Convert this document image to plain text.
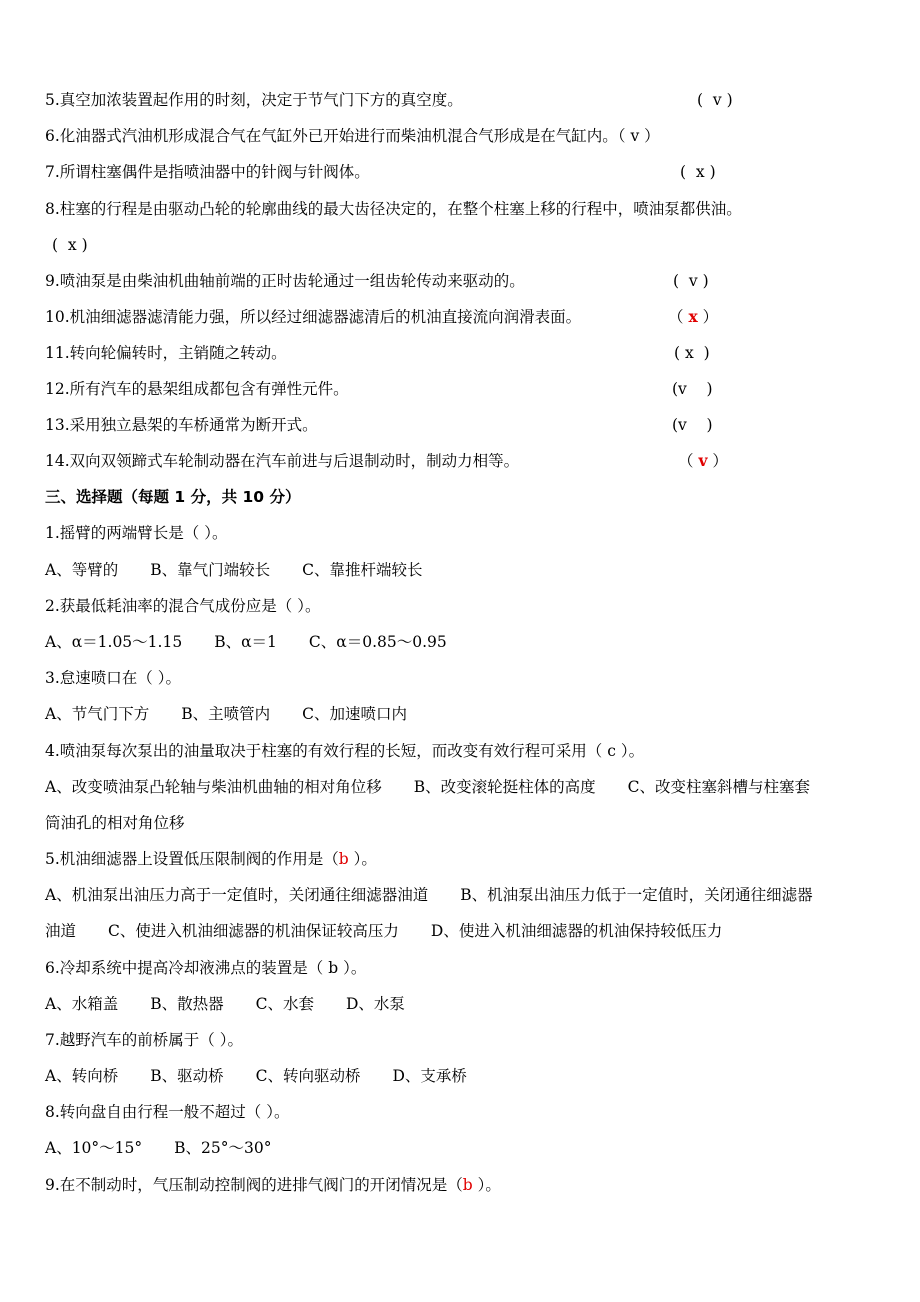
5.真空加浓装置起作用的时刻，决定于节气门下方的真空度。	(  v )
6.化油器式汽油机形成混合气在气缸外已开始进行而柴油机混合气形成是在气缸内。（ v ）
7.所谓柱塞偶件是指喷油器中的针阀与针阀体。	(  x )
8.柱塞的行程是由驱动凸轮的轮廓曲线的最大齿径决定的，在整个柱塞上移的行程中，喷油泵都供油。
(  x )
9.喷油泵是由柴油机曲轴前端的正时齿轮通过一组齿轮传动来驱动的。	(  v )
10.机油细滤器滤清能力强，所以经过细滤器滤清后的机油直接流向润滑表面。	（ x ）
11.转向轮偏转时，主销随之转动。	( x  )
12.所有汽车的悬架组成都包含有弹性元件。	(v    )
13.采用独立悬架的车桥通常为断开式。	(v    )
14.双向双领蹄式车轮制动器在汽车前进与后退制动时，制动力相等。	（ v ）
三、选择题（每题 1 分，共 10 分）
1.摇臂的两端臂长是（ ）。
A、等臂的 B、靠气门端较长 C、靠推杆端较长
2.获最低耗油率的混合气成份应是（ ）。
A、α＝1.05～1.15 B、α＝1 C、α＝0.85～0.95
3.怠速喷口在（ ）。
A、节气门下方 B、主喷管内 C、加速喷口内
4.喷油泵每次泵出的油量取决于柱塞的有效行程的长短，而改变有效行程可采用（ c ）。
A、改变喷油泵凸轮轴与柴油机曲轴的相对角位移 B、改变滚轮挺柱体的高度 C、改变柱塞斜槽与柱塞套
筒油孔的相对角位移
5.机油细滤器上设置低压限制阀的作用是（b ）。
A、机油泵出油压力高于一定值时，关闭通往细滤器油道 B、机油泵出油压力低于一定值时，关闭通往细滤器
油道 C、使进入机油细滤器的机油保证较高压力 D、使进入机油细滤器的机油保持较低压力
6.冷却系统中提高冷却液沸点的装置是（ b ）。
A、水箱盖 B、散热器 C、水套 D、水泵
7.越野汽车的前桥属于（ ）。
A、转向桥 B、驱动桥 C、转向驱动桥 D、支承桥
8.转向盘自由行程一般不超过（ ）。
A、10°～15° B、25°～30°
9.在不制动时，气压制动控制阀的进排气阀门的开闭情况是（b ）。
